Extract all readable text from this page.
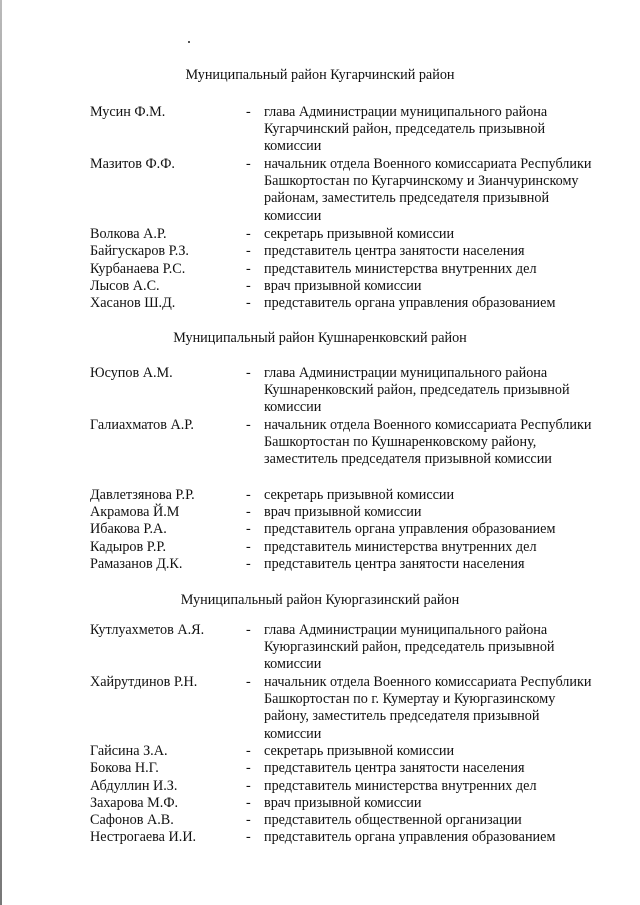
Муниципальный район Кугарчинский район
Мусин Ф.М.	- глава Администрации муниципального района Кугарчинский район, председатель призывной комиссии
Мазитов Ф.Ф.	- начальник отдела Военного комиссариата Республики Башкортостан по Кугарчинскому и Зианчуринскому районам, заместитель председателя призывной комиссии
Волкова А.Р.	- секретарь призывной комиссии
Байгускаров Р.З.	- представитель центра занятости населения
Курбанаева Р.С.	- представитель министерства внутренних дел
Лысов А.С.	- врач призывной комиссии
Хасанов Ш.Д.	- представитель органа управления образованием
Муниципальный район Кушнаренковский район
Юсупов А.М.	- глава Администрации муниципального района Кушнаренковский район, председатель призывной комиссии
Галиахматов А.Р.	- начальник отдела Военного комиссариата Республики Башкортостан по Кушнаренковскому району, заместитель председателя призывной комиссии
Давлетзянова Р.Р.	- секретарь призывной комиссии
Акрамова Й.М	- врач призывной комиссии
Ибакова Р.А.	- представитель органа управления образованием
Кадыров Р.Р.	- представитель министерства внутренних дел
Рамазанов Д.К.	- представитель центра занятости населения
Муниципальный район Куюргазинский район
Кутлуахметов А.Я.	- глава Администрации муниципального района Куюргазинский район, председатель призывной комиссии
Хайрутдинов Р.Н.	- начальник отдела Военного комиссариата Республики Башкортостан по г. Кумертау и Куюргазинскому району, заместитель председателя призывной комиссии
Гайсина З.А.	- секретарь призывной комиссии
Бокова Н.Г.	- представитель центра занятости населения
Абдуллин И.З.	- представитель министерства внутренних дел
Захарова М.Ф.	- врач призывной комиссии
Сафонов А.В.	- представитель общественной организации
Нестрогаева И.И.	- представитель органа управления образованием
